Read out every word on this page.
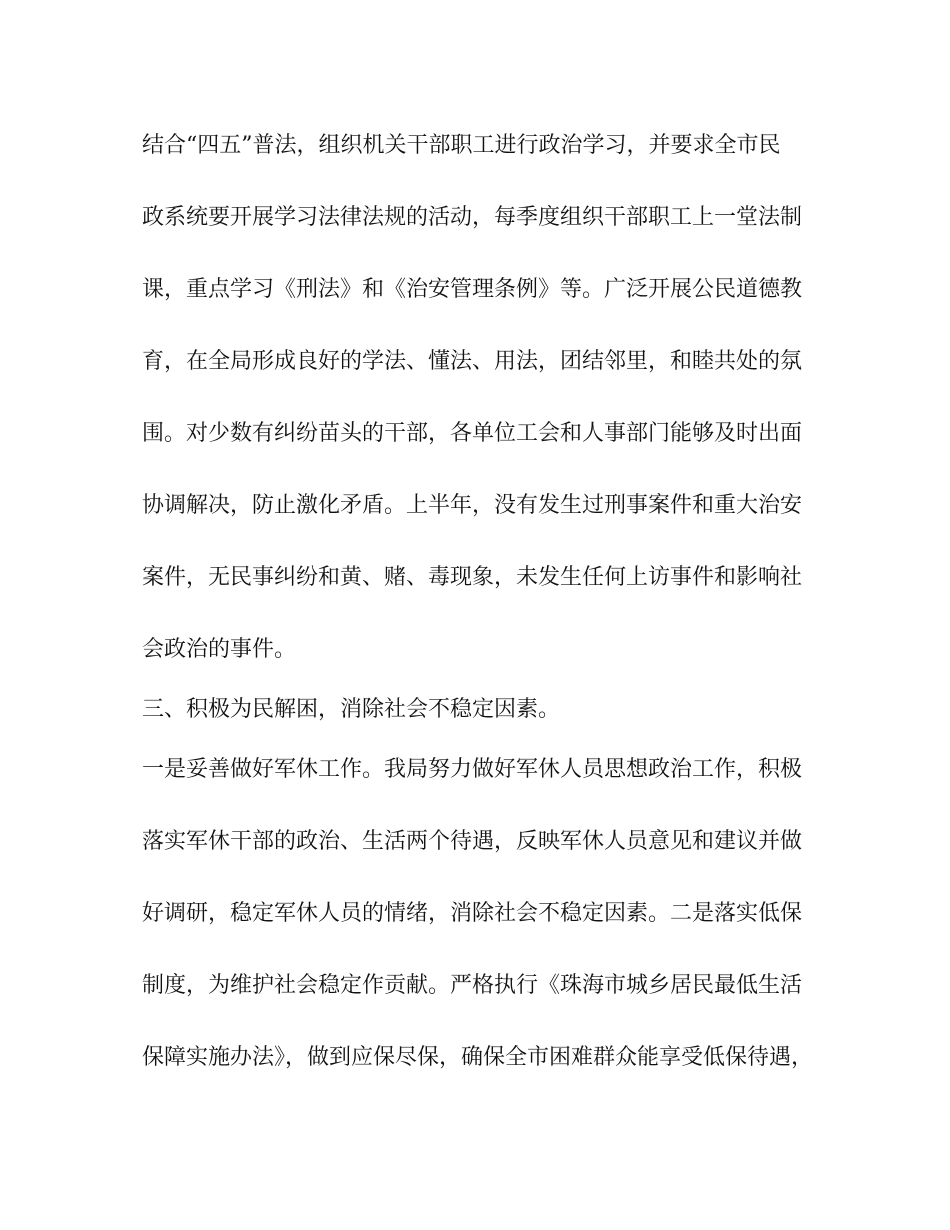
结合“四五”普法，组织机关干部职工进行政治学习，并要求全市民
政系统要开展学习法律法规的活动，每季度组织干部职工上一堂法制
课，重点学习《刑法》和《治安管理条例》等。广泛开展公民道德教
育，在全局形成良好的学法、懂法、用法，团结邻里，和睦共处的氛
围。对少数有纠纷苗头的干部，各单位工会和人事部门能够及时出面
协调解决，防止激化矛盾。上半年，没有发生过刑事案件和重大治安
案件，无民事纠纷和黄、赌、毒现象，未发生任何上访事件和影响社
会政治的事件。
三、积极为民解困，消除社会不稳定因素。
一是妥善做好军休工作。我局努力做好军休人员思想政治工作，积极
落实军休干部的政治、生活两个待遇，反映军休人员意见和建议并做
好调研，稳定军休人员的情绪，消除社会不稳定因素。二是落实低保
制度，为维护社会稳定作贡献。严格执行《珠海市城乡居民最低生活
保障实施办法》，做到应保尽保，确保全市困难群众能享受低保待遇，
